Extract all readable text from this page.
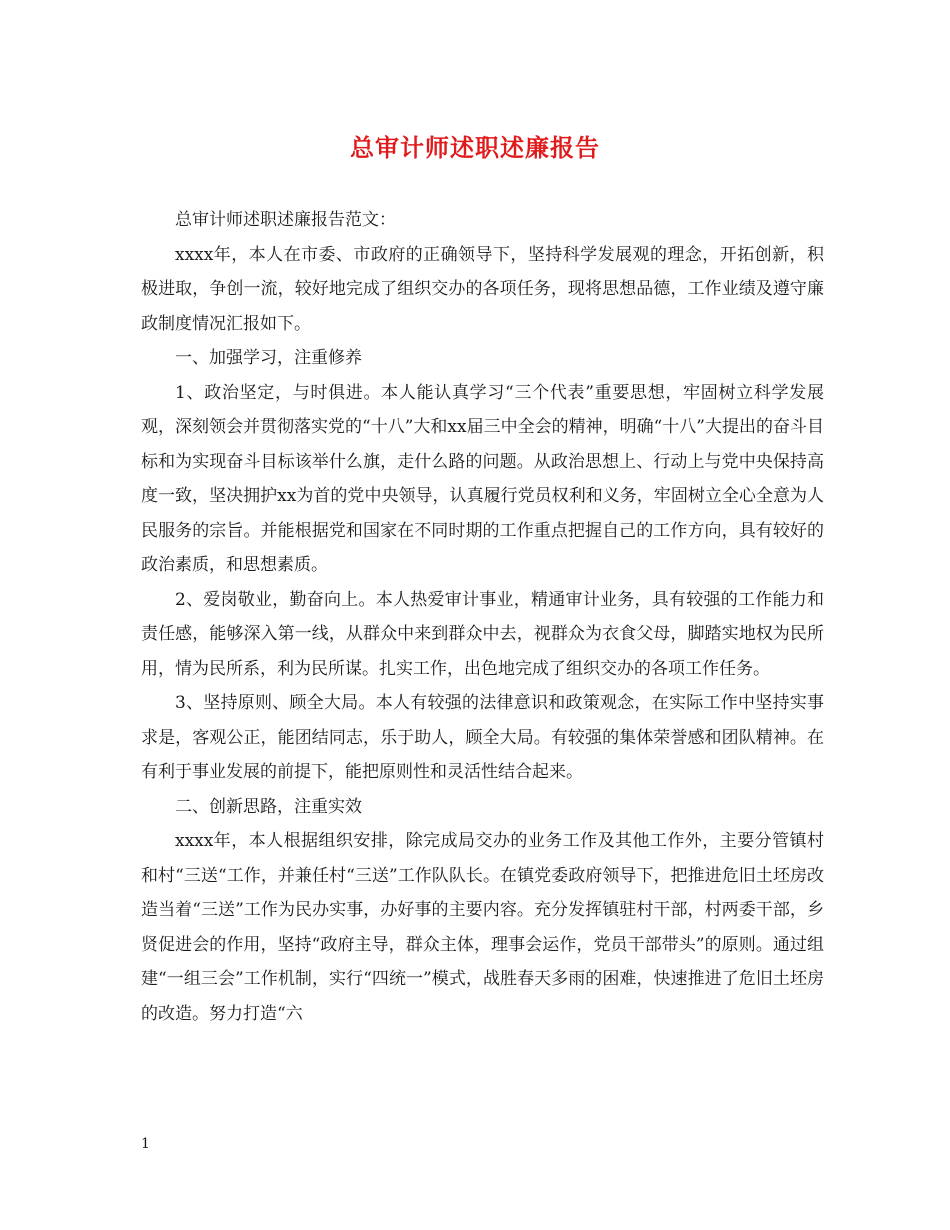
总审计师述职述廉报告

总审计师述职述廉报告范文：

xxxx年，本人在市委、市政府的正确领导下，坚持科学发展观的理念，开拓创新，积极进取，争创一流，较好地完成了组织交办的各项任务，现将思想品德，工作业绩及遵守廉政制度情况汇报如下。

一、加强学习，注重修养

1、政治坚定，与时俱进。本人能认真学习“三个代表”重要思想，牢固树立科学发展观，深刻领会并贯彻落实党的“十八”大和xx届三中全会的精神，明确“十八”大提出的奋斗目标和为实现奋斗目标该举什么旗，走什么路的问题。从政治思想上、行动上与党中央保持高度一致，坚决拥护xx为首的党中央领导，认真履行党员权利和义务，牢固树立全心全意为人民服务的宗旨。并能根据党和国家在不同时期的工作重点把握自己的工作方向，具有较好的政治素质，和思想素质。

2、爱岗敬业，勤奋向上。本人热爱审计事业，精通审计业务，具有较强的工作能力和责任感，能够深入第一线，从群众中来到群众中去，视群众为衣食父母，脚踏实地权为民所用，情为民所系，利为民所谋。扎实工作，出色地完成了组织交办的各项工作任务。

3、坚持原则、顾全大局。本人有较强的法律意识和政策观念，在实际工作中坚持实事求是，客观公正，能团结同志，乐于助人，顾全大局。有较强的集体荣誉感和团队精神。在有利于事业发展的前提下，能把原则性和灵活性结合起来。

二、创新思路，注重实效

xxxx年，本人根据组织安排，除完成局交办的业务工作及其他工作外，主要分管镇村和村“三送“工作，并兼任村“三送”工作队队长。在镇党委政府领导下，把推进危旧土坯房改造当着“三送”工作为民办实事，办好事的主要内容。充分发挥镇驻村干部，村两委干部，乡贤促进会的作用，坚持“政府主导，群众主体，理事会运作，党员干部带头”的原则。通过组建“一组三会”工作机制，实行“四统一”模式，战胜春天多雨的困难，快速推进了危旧土坯房的改造。努力打造“六

1
